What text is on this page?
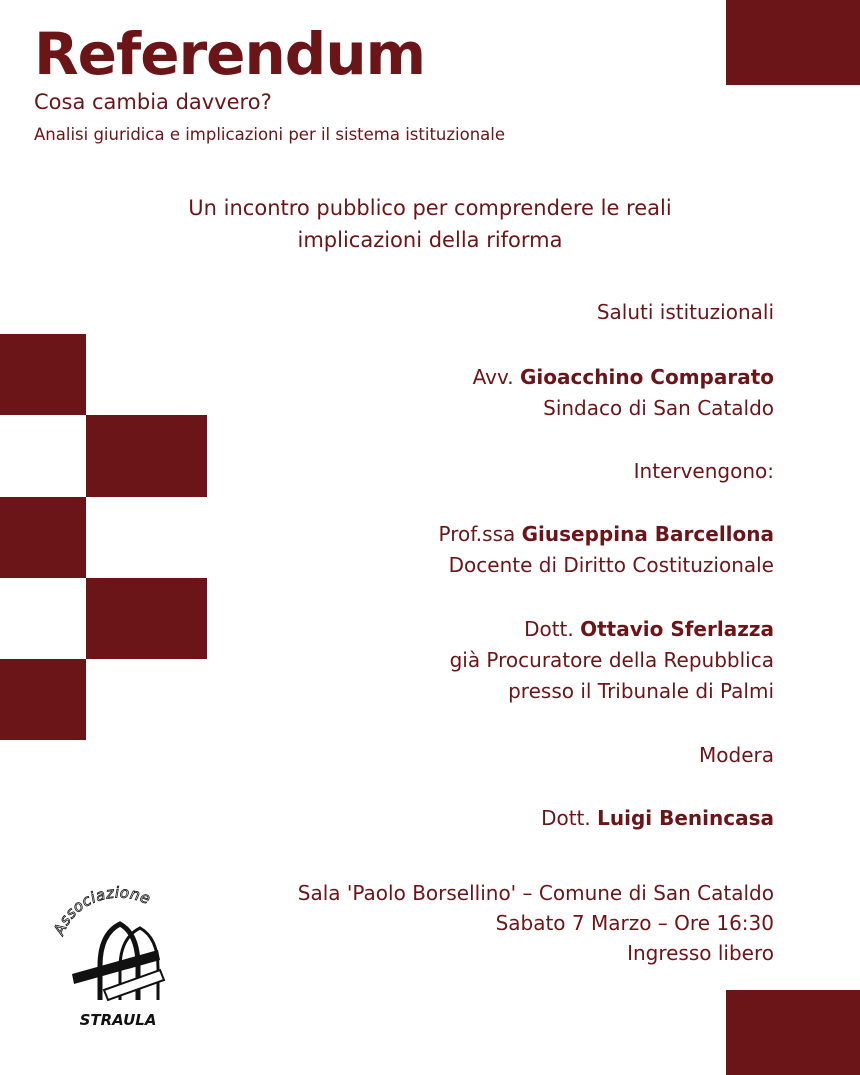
Referendum
Cosa cambia davvero?
Analisi giuridica e implicazioni per il sistema istituzionale
Un incontro pubblico per comprendere le reali
implicazioni della riforma
Saluti istituzionali
Avv. Gioacchino Comparato
Sindaco di San Cataldo
Intervengono:
Prof.ssa Giuseppina Barcellona
Docente di Diritto Costituzionale
Dott. Ottavio Sferlazza
già Procuratore della Repubblica
presso il Tribunale di Palmi
Modera
Dott. Luigi Benincasa
Sala 'Paolo Borsellino' – Comune di San Cataldo
Sabato 7 Marzo – Ore 16:30
Ingresso libero
Associazione
STRAULA
